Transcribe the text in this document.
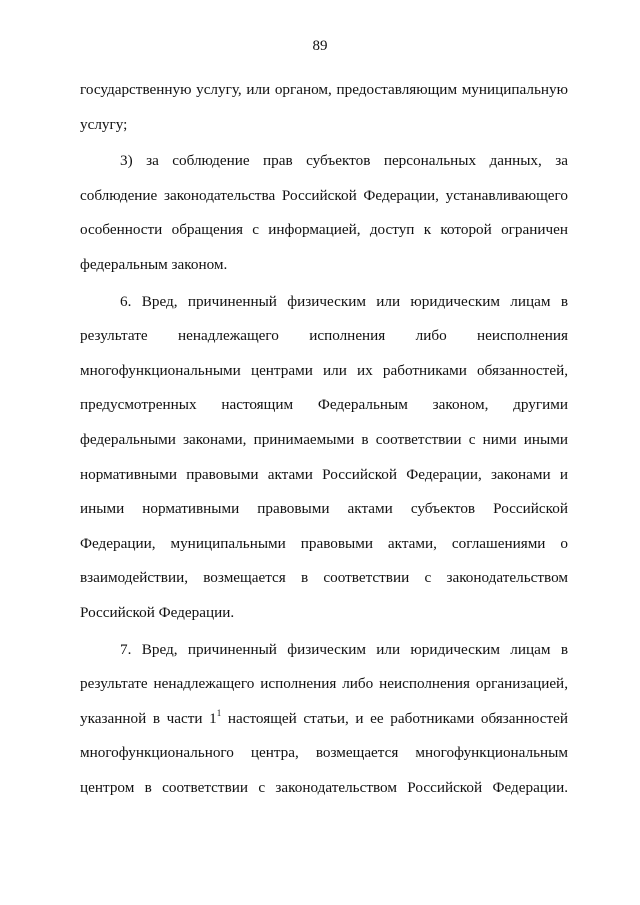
89
государственную услугу, или органом, предоставляющим муниципальную
услугу;
3) за соблюдение прав субъектов персональных данных, за
соблюдение законодательства Российской Федерации, устанавливающего
особенности обращения с информацией, доступ к которой ограничен
федеральным законом.
6. Вред, причиненный физическим или юридическим лицам в
результате ненадлежащего исполнения либо неисполнения
многофункциональными центрами или их работниками обязанностей,
предусмотренных настоящим Федеральным законом, другими
федеральными законами, принимаемыми в соответствии с ними иными
нормативными правовыми актами Российской Федерации, законами и
иными нормативными правовыми актами субъектов Российской
Федерации, муниципальными правовыми актами, соглашениями о
взаимодействии, возмещается в соответствии с законодательством
Российской Федерации.
7. Вред, причиненный физическим или юридическим лицам в
результате ненадлежащего исполнения либо неисполнения организацией,
указанной в части $1^1$ настоящей статьи, и ее работниками обязанностей
многофункционального центра, возмещается многофункциональным
центром в соответствии с законодательством Российской Федерации.
